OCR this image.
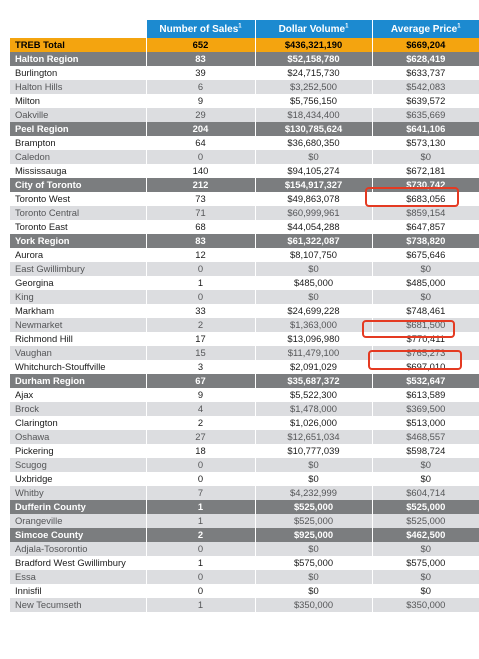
	Number of Sales$^1$	Dollar Volume$^1$	Average Price$^1$
TREB Total	652	$436,321,190	$669,204
Halton Region	83	$52,158,780	$628,419
Burlington	39	$24,715,730	$633,737
Halton Hills	6	$3,252,500	$542,083
Milton	9	$5,756,150	$639,572
Oakville	29	$18,434,400	$635,669
Peel Region	204	$130,785,624	$641,106
Brampton	64	$36,680,350	$573,130
Caledon	0	$0	$0
Mississauga	140	$94,105,274	$672,181
City of Toronto	212	$154,917,327	$730,742
Toronto West	73	$49,863,078	$683,056
Toronto Central	71	$60,999,961	$859,154
Toronto East	68	$44,054,288	$647,857
York Region	83	$61,322,087	$738,820
Aurora	12	$8,107,750	$675,646
East Gwillimbury	0	$0	$0
Georgina	1	$485,000	$485,000
King	0	$0	$0
Markham	33	$24,699,228	$748,461
Newmarket	2	$1,363,000	$681,500
Richmond Hill	17	$13,096,980	$770,411
Vaughan	15	$11,479,100	$765,273
Whitchurch-Stouffville	3	$2,091,029	$697,010
Durham Region	67	$35,687,372	$532,647
Ajax	9	$5,522,300	$613,589
Brock	4	$1,478,000	$369,500
Clarington	2	$1,026,000	$513,000
Oshawa	27	$12,651,034	$468,557
Pickering	18	$10,777,039	$598,724
Scugog	0	$0	$0
Uxbridge	0	$0	$0
Whitby	7	$4,232,999	$604,714
Dufferin County	1	$525,000	$525,000
Orangeville	1	$525,000	$525,000
Simcoe County	2	$925,000	$462,500
Adjala-Tosorontio	0	$0	$0
Bradford West Gwillimbury	1	$575,000	$575,000
Essa	0	$0	$0
Innisfil	0	$0	$0
New Tecumseth	1	$350,000	$350,000
